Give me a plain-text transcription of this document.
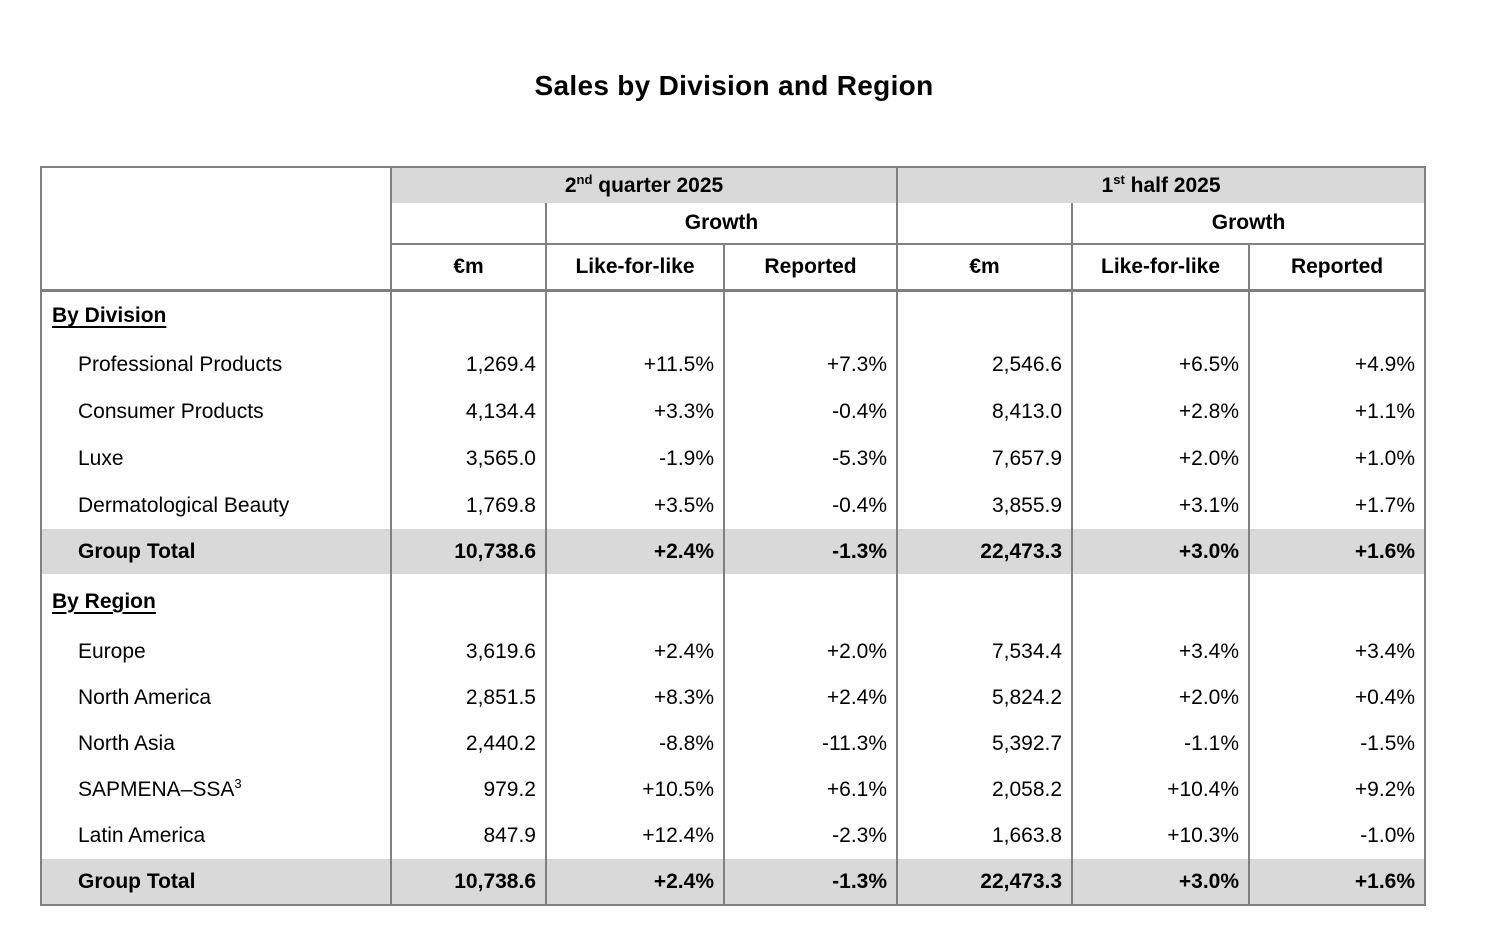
Sales by Division and Region
	2nd quarter 2025			1st half 2025		
		Growth			Growth	
	€m	Like-for-like	Reported	€m	Like-for-like	Reported
By Division						
Professional Products	1,269.4	+11.5%	+7.3%	2,546.6	+6.5%	+4.9%
Consumer Products	4,134.4	+3.3%	-0.4%	8,413.0	+2.8%	+1.1%
Luxe	3,565.0	-1.9%	-5.3%	7,657.9	+2.0%	+1.0%
Dermatological Beauty	1,769.8	+3.5%	-0.4%	3,855.9	+3.1%	+1.7%
Group Total	10,738.6	+2.4%	-1.3%	22,473.3	+3.0%	+1.6%
By Region						
Europe	3,619.6	+2.4%	+2.0%	7,534.4	+3.4%	+3.4%
North America	2,851.5	+8.3%	+2.4%	5,824.2	+2.0%	+0.4%
North Asia	2,440.2	-8.8%	-11.3%	5,392.7	-1.1%	-1.5%
SAPMENA–SSA$^3$	979.2	+10.5%	+6.1%	2,058.2	+10.4%	+9.2%
Latin America	847.9	+12.4%	-2.3%	1,663.8	+10.3%	-1.0%
Group Total	10,738.6	+2.4%	-1.3%	22,473.3	+3.0%	+1.6%
